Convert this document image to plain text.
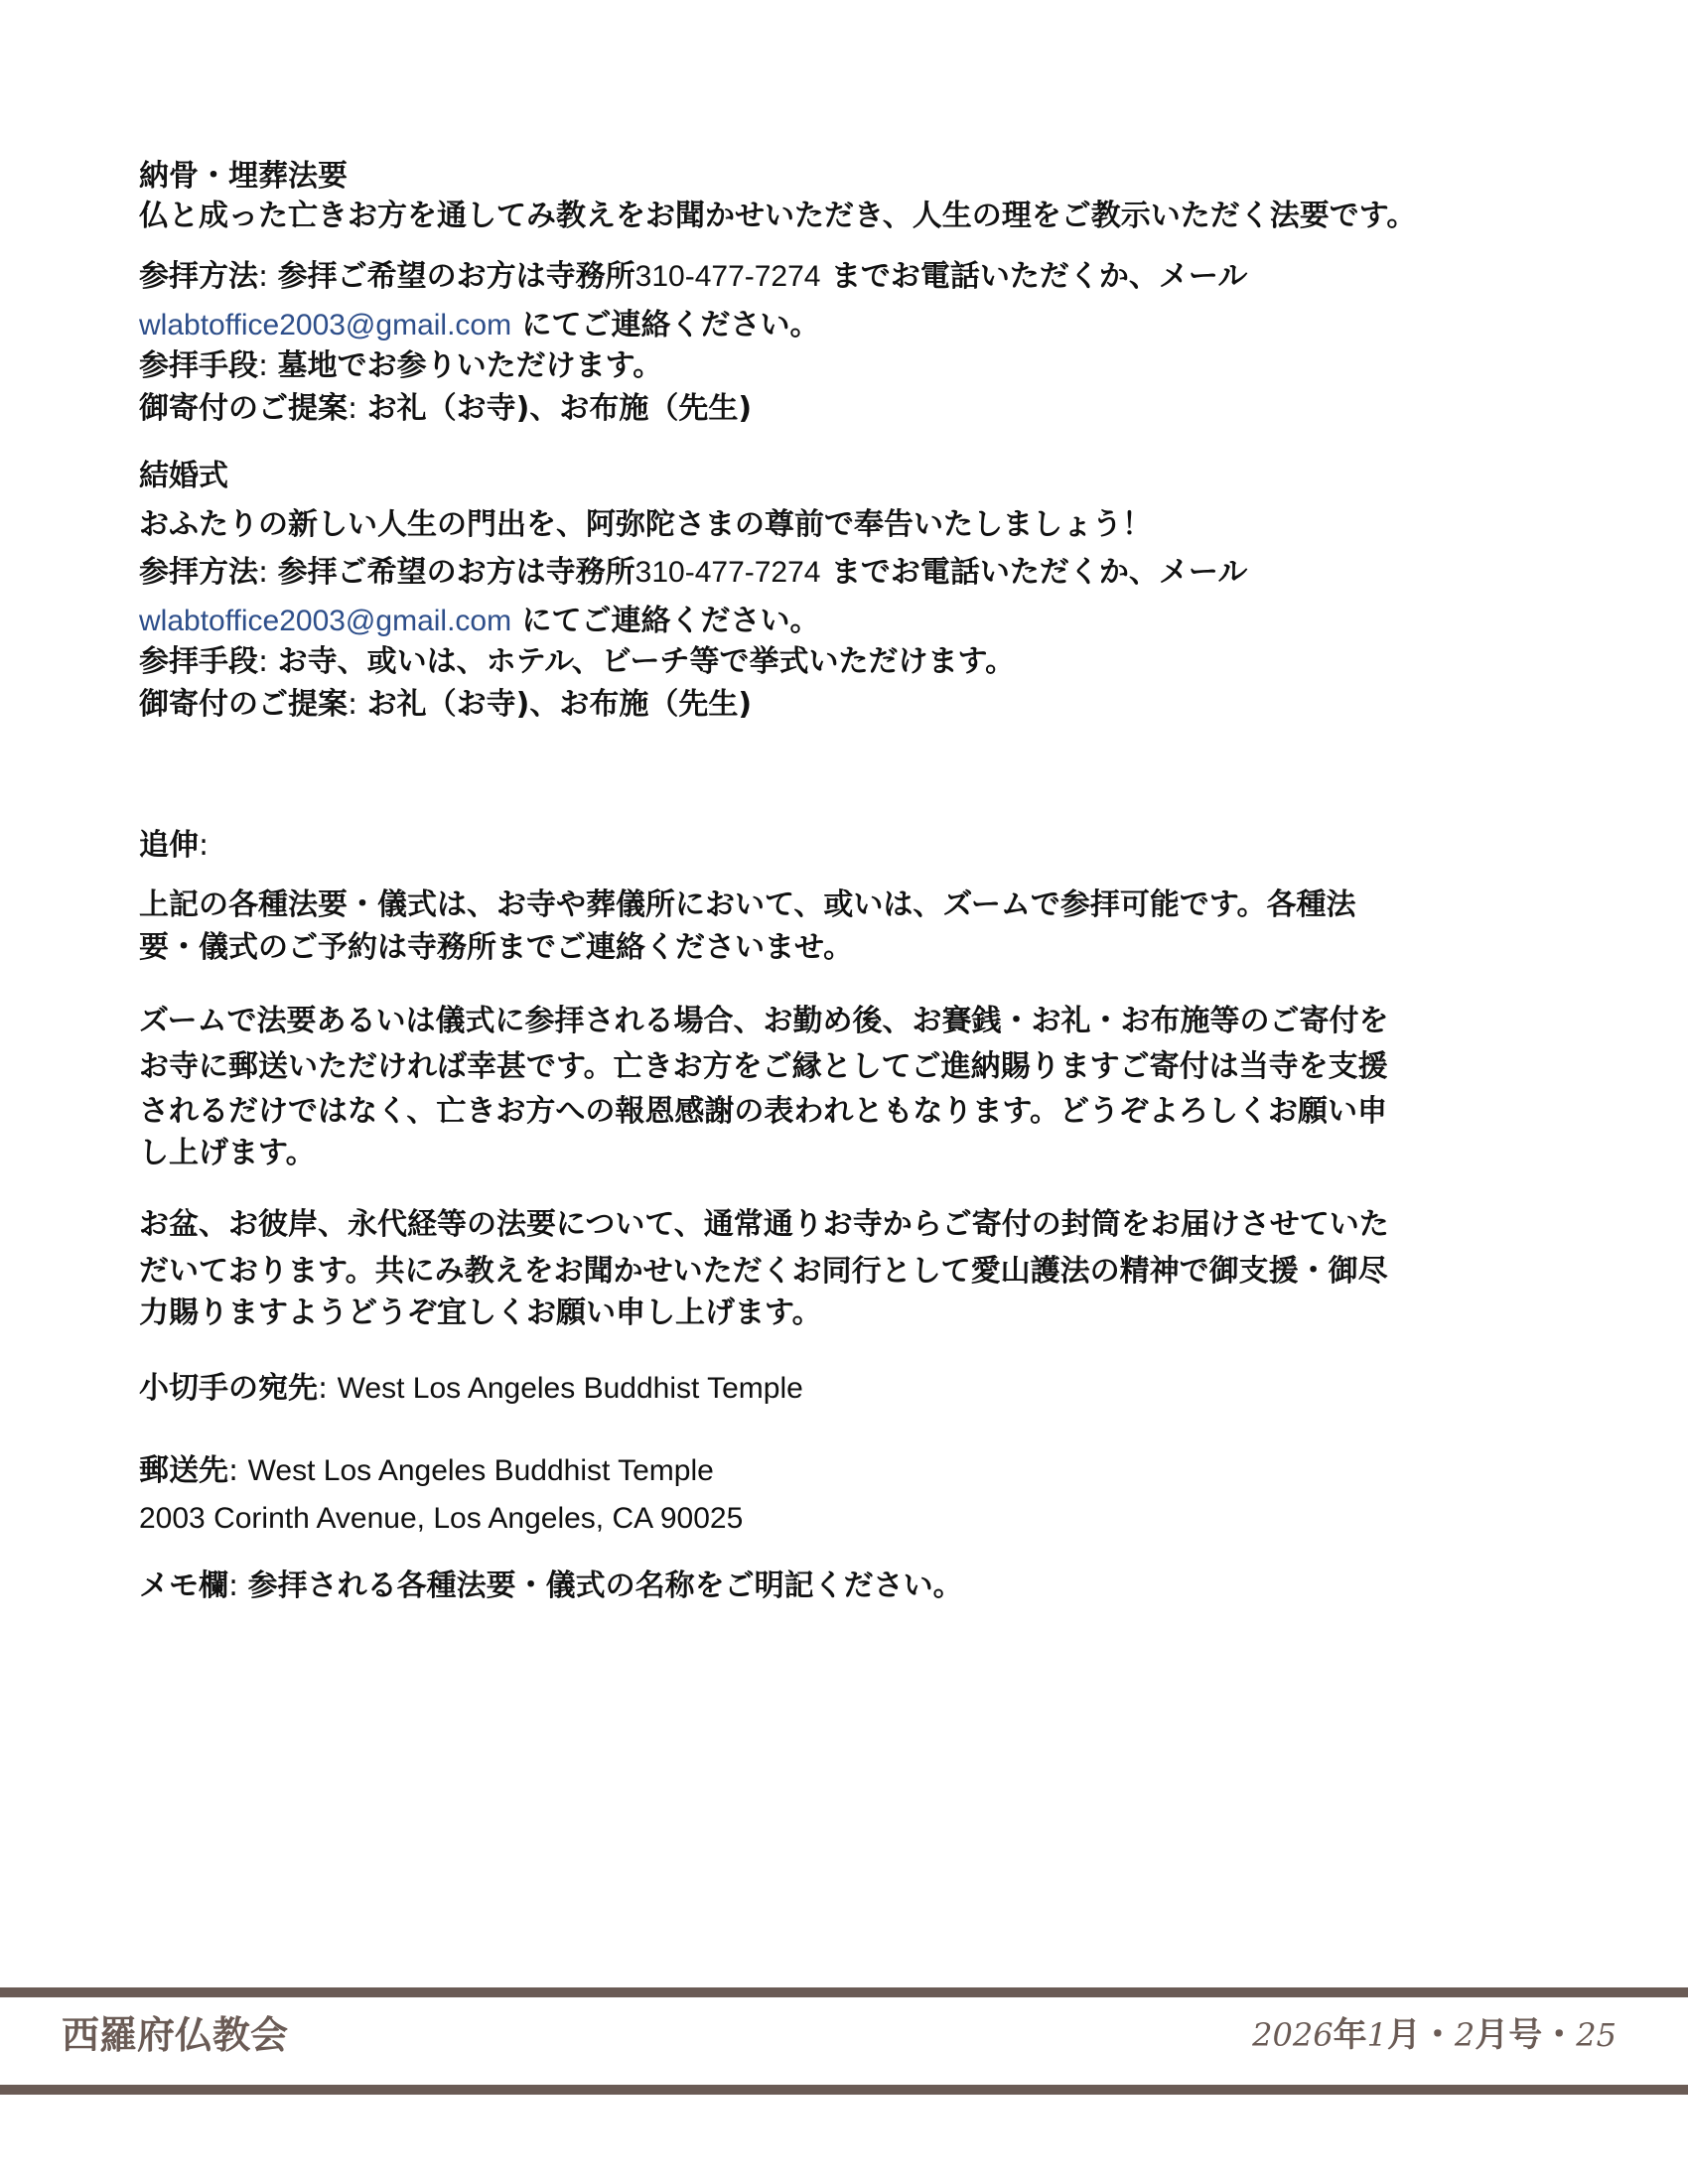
納骨・埋葬法要
仏と成った亡きお方を通してみ教えをお聞かせいただき、人生の理をご教示いただく法要です。
参拝方法: 参拝ご希望のお方は寺務所310-477-7274 までお電話いただくか、メール
wlabtoffice2003@gmail.com にてご連絡ください。
参拝手段: 墓地でお参りいただけます。
御寄付のご提案: お礼（お寺)、お布施（先生)
結婚式
おふたりの新しい人生の門出を、阿弥陀さまの尊前で奉告いたしましょう！
参拝方法: 参拝ご希望のお方は寺務所310-477-7274 までお電話いただくか、メール
wlabtoffice2003@gmail.com にてご連絡ください。
参拝手段: お寺、或いは、ホテル、ビーチ等で挙式いただけます。
御寄付のご提案: お礼（お寺)、お布施（先生)
追伸:
上記の各種法要・儀式は、お寺や葬儀所において、或いは、ズームで参拝可能です。各種法
要・儀式のご予約は寺務所までご連絡くださいませ。
ズームで法要あるいは儀式に参拝される場合、お勤め後、お賽銭・お礼・お布施等のご寄付を
お寺に郵送いただければ幸甚です。亡きお方をご縁としてご進納賜りますご寄付は当寺を支援
されるだけではなく、亡きお方への報恩感謝の表われともなります。どうぞよろしくお願い申
し上げます。
お盆、お彼岸、永代経等の法要について、通常通りお寺からご寄付の封筒をお届けさせていた
だいております。共にみ教えをお聞かせいただくお同行として愛山護法の精神で御支援・御尽
力賜りますようどうぞ宜しくお願い申し上げます。
小切手の宛先: West Los Angeles Buddhist Temple
郵送先: West Los Angeles Buddhist Temple
2003 Corinth Avenue, Los Angeles, CA 90025
メモ欄: 参拝される各種法要・儀式の名称をご明記ください。
西羅府仏教会	2026年1月・2月号・25
